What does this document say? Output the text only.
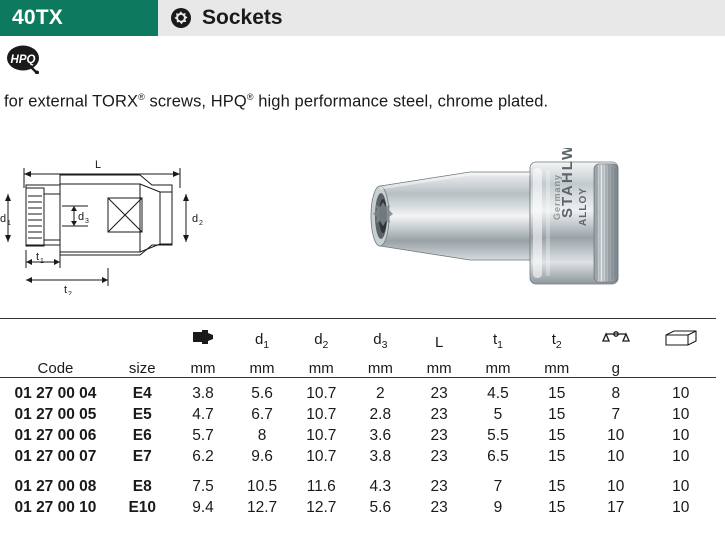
40TX	Sockets
HPQ
for external TORX® screws, HPQ® high performance steel, chrome plated.
L
d 1	d 2
d 3
t 1
t 2
STAHLWILLE ALLOY
Germany

			$d_1$	$d_2$	$d_3$	L	$t_1$	$t_2$		
Code	size	mm	mm	mm	mm	mm	mm	mm	g	

01 27 00 04	E4	3.8	5.6	10.7	2	23	4.5	15	8	10
01 27 00 05	E5	4.7	6.7	10.7	2.8	23	5	15	7	10
01 27 00 06	E6	5.7	8	10.7	3.6	23	5.5	15	10	10
01 27 00 07	E7	6.2	9.6	10.7	3.8	23	6.5	15	10	10

01 27 00 08	E8	7.5	10.5	11.6	4.3	23	7	15	10	10
01 27 00 10	E10	9.4	12.7	12.7	5.6	23	9	15	17	10
